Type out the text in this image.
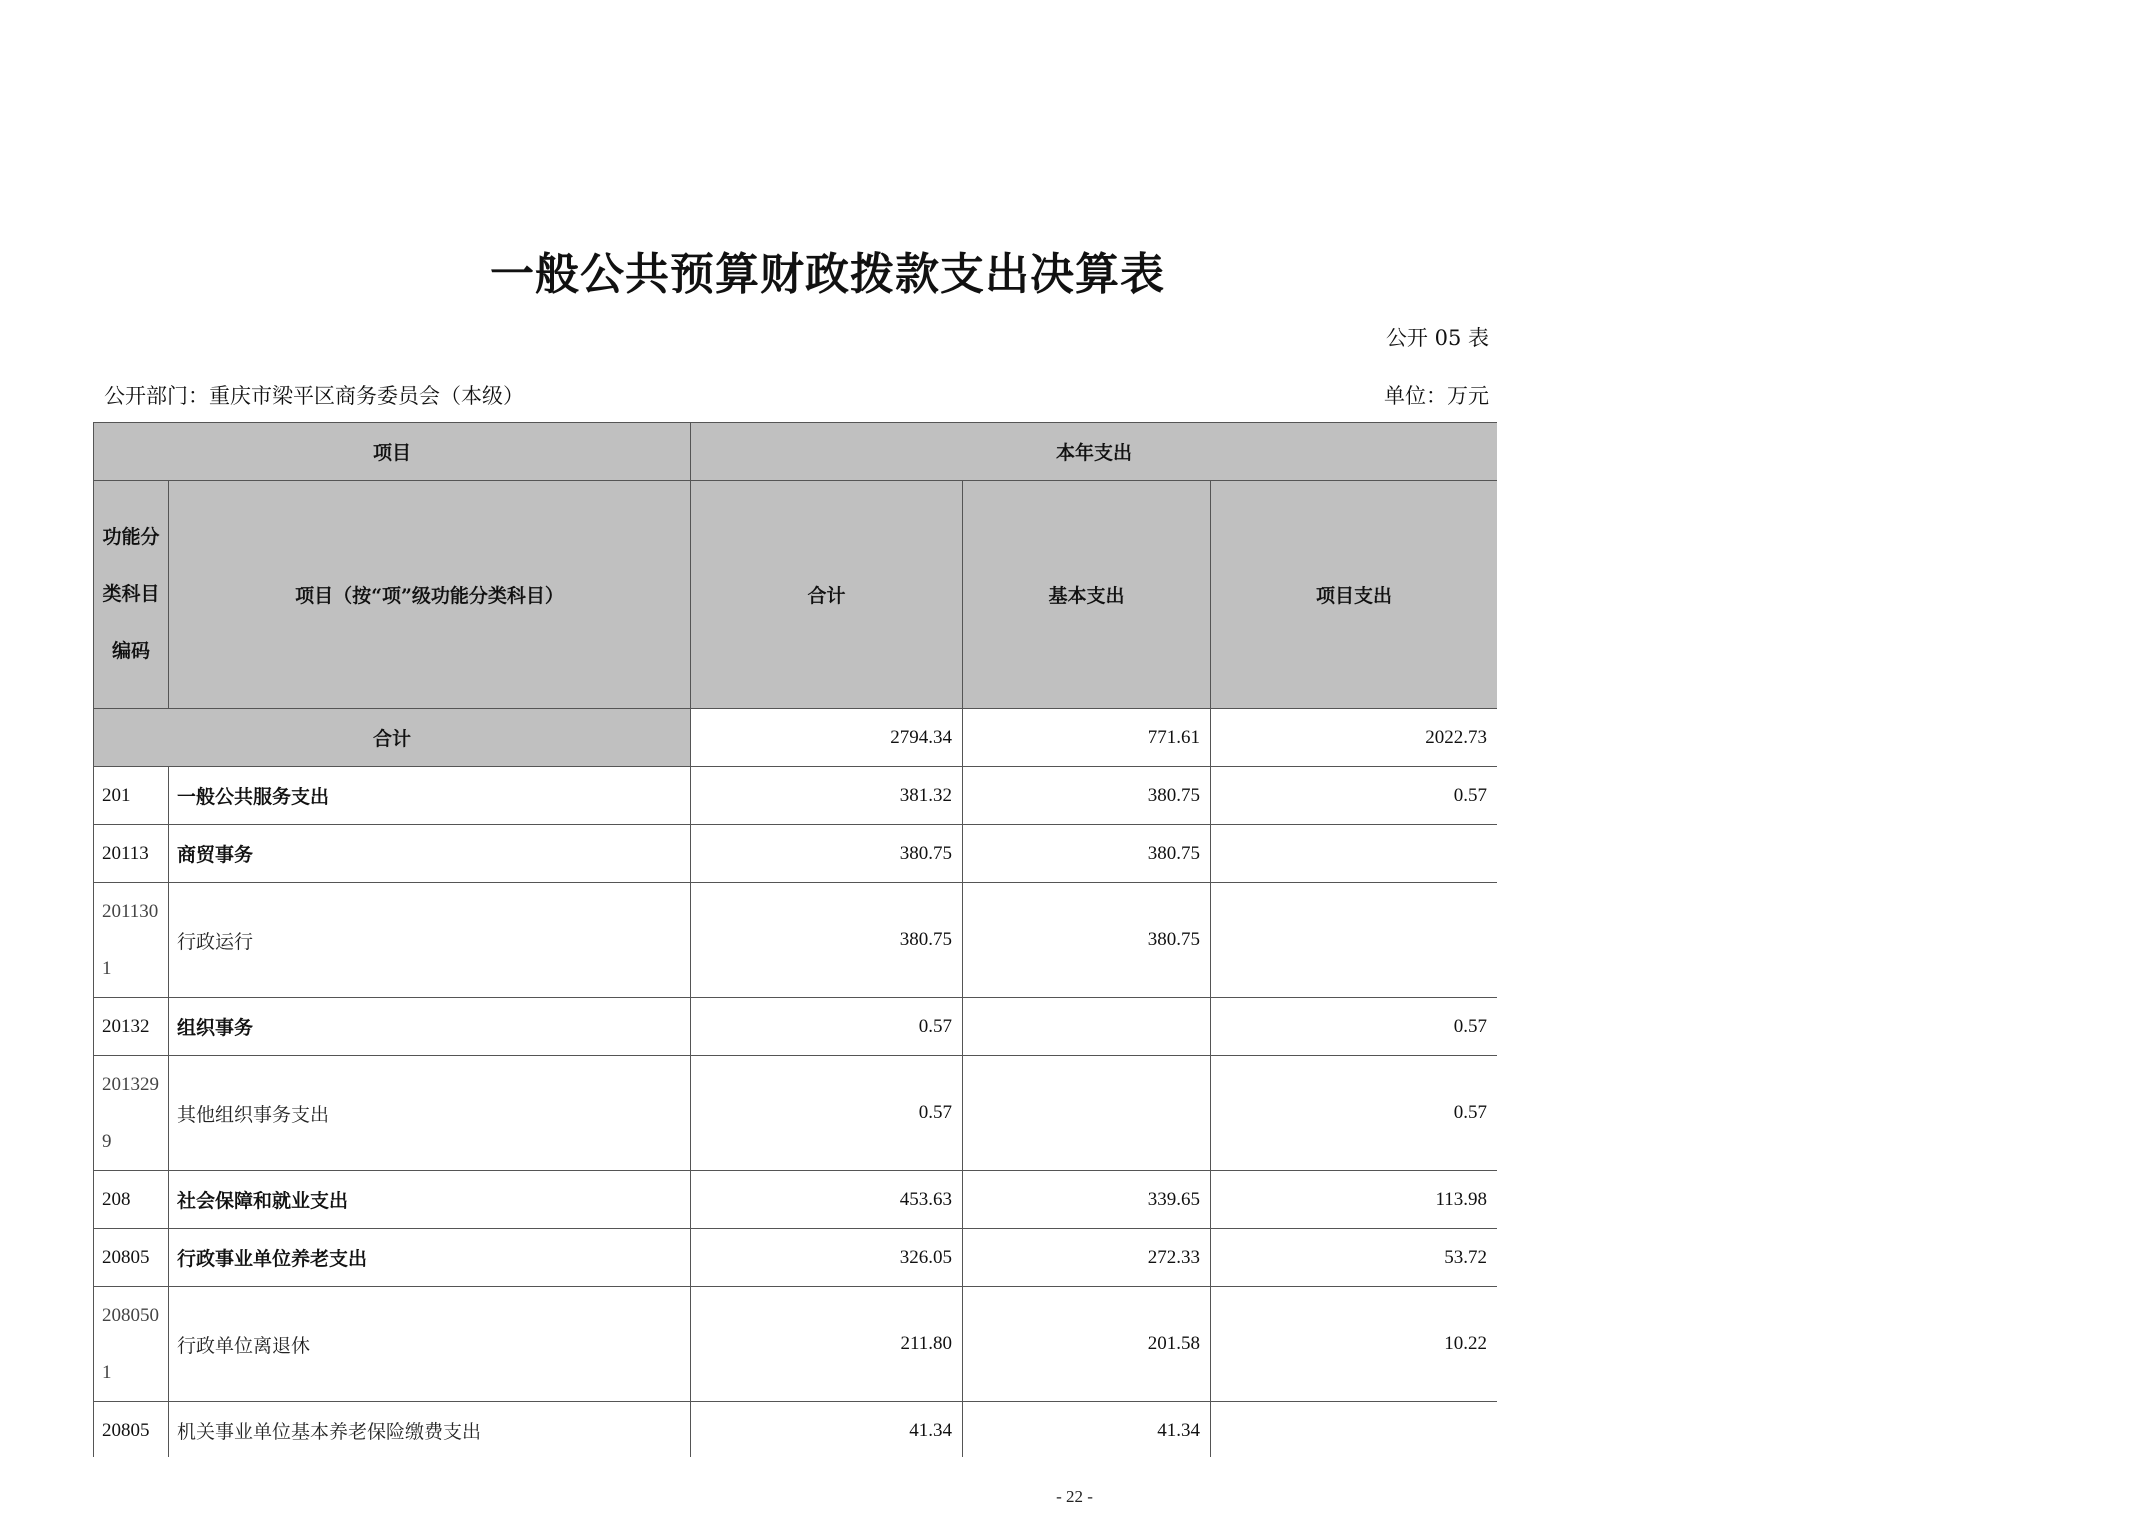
一般公共预算财政拨款支出决算表
公开 05 表
公开部门：重庆市梁平区商务委员会（本级）	单位：万元
项目		本年支出		
功能分类科目编码	项目（按“项”级功能分类科目）	合计	基本支出	项目支出
合计		2794.34	771.61	2022.73
201	一般公共服务支出	381.32	380.75	0.57
20113	商贸事务	380.75	380.75	
2011301	行政运行	380.75	380.75	
20132	组织事务	0.57		0.57
2013299	其他组织事务支出	0.57		0.57
208	社会保障和就业支出	453.63	339.65	113.98
20805	行政事业单位养老支出	326.05	272.33	53.72
2080501	行政单位离退休	211.80	201.58	10.22
20805	机关事业单位基本养老保险缴费支出	41.34	41.34	
- 22 -
